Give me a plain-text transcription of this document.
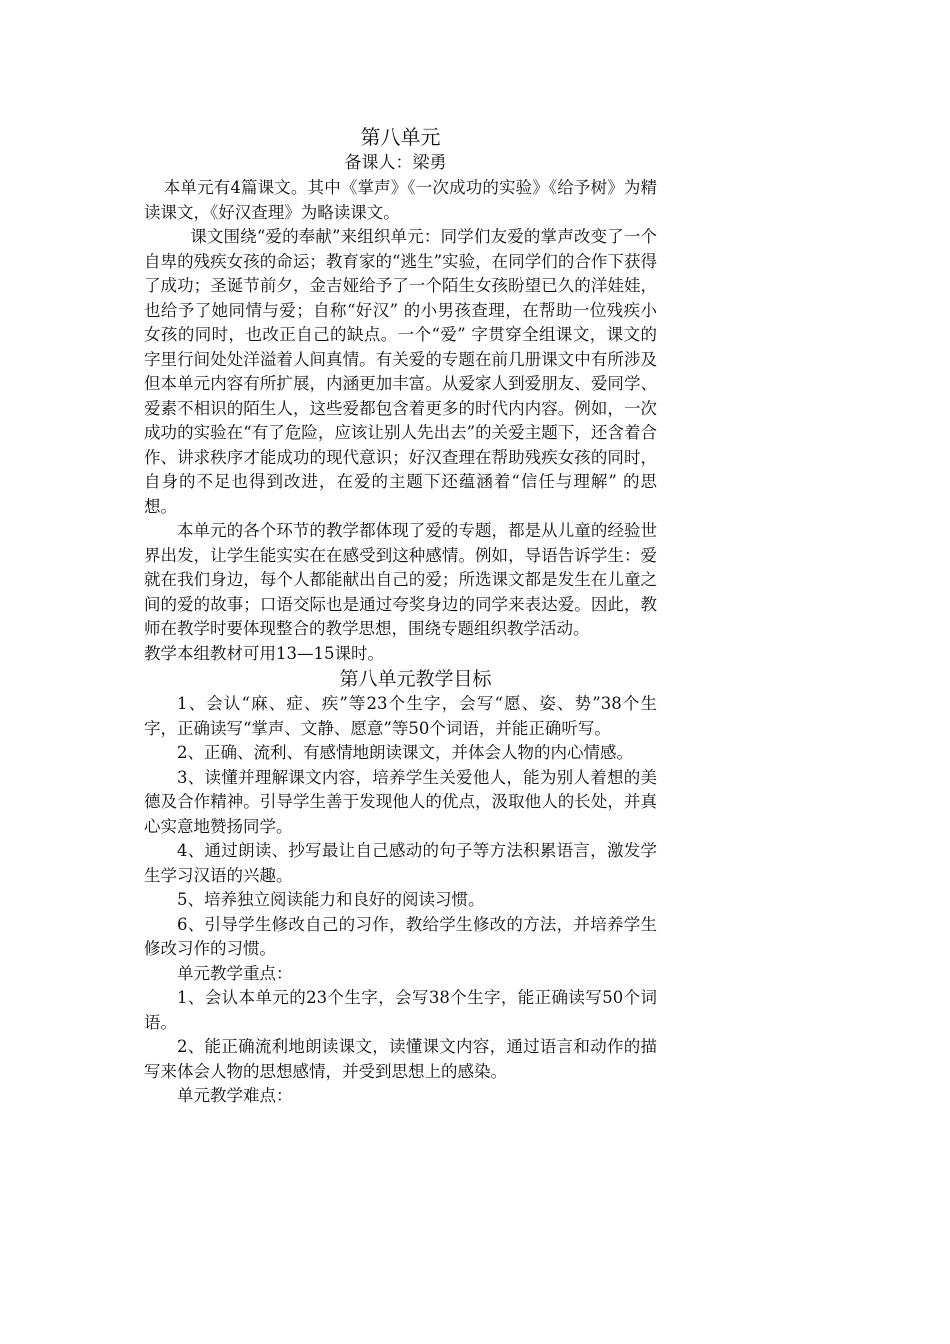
第八单元

备课人：梁勇

本单元有4篇课文。其中《掌声》《一次成功的实验》《给予树》为精读课文，《好汉查理》为略读课文。

课文围绕“爱的奉献”来组织单元：同学们友爱的掌声改变了一个自卑的残疾女孩的命运；教育家的“逃生”实验，在同学们的合作下获得了成功；圣诞节前夕，金吉娅给予了一个陌生女孩盼望已久的洋娃娃，也给予了她同情与爱；自称“好汉” 的小男孩查理，在帮助一位残疾小女孩的同时，也改正自己的缺点。一个“爱” 字贯穿全组课文，课文的字里行间处处洋溢着人间真情。有关爱的专题在前几册课文中有所涉及但本单元内容有所扩展，内涵更加丰富。从爱家人到爱朋友、爱同学、爱素不相识的陌生人，这些爱都包含着更多的时代内内容。例如，一次成功的实验在“有了危险，应该让别人先出去”的关爱主题下，还含着合作、讲求秩序才能成功的现代意识；好汉查理在帮助残疾女孩的同时，自身的不足也得到改进，在爱的主题下还蕴涵着“信任与理解” 的思想。

本单元的各个环节的教学都体现了爱的专题，都是从儿童的经验世界出发，让学生能实实在在感受到这种感情。例如，导语告诉学生：爱就在我们身边，每个人都能献出自己的爱；所选课文都是发生在儿童之间的爱的故事；口语交际也是通过夸奖身边的同学来表达爱。因此，教师在教学时要体现整合的教学思想，围绕专题组织教学活动。

教学本组教材可用13—15课时。

第八单元教学目标

1、会认“麻、症、疾”等23个生字，会写“愿、姿、势”38个生字，正确读写“掌声、文静、愿意”等50个词语，并能正确听写。

2、正确、流利、有感情地朗读课文，并体会人物的内心情感。

3、读懂并理解课文内容，培养学生关爱他人，能为别人着想的美德及合作精神。引导学生善于发现他人的优点，汲取他人的长处，并真心实意地赞扬同学。

4、通过朗读、抄写最让自己感动的句子等方法积累语言，激发学生学习汉语的兴趣。

5、培养独立阅读能力和良好的阅读习惯。

6、引导学生修改自己的习作，教给学生修改的方法，并培养学生修改习作的习惯。

单元教学重点：

1、会认本单元的23个生字，会写38个生字，能正确读写50个词语。

2、能正确流利地朗读课文，读懂课文内容，通过语言和动作的描写来体会人物的思想感情，并受到思想上的感染。

单元教学难点：
